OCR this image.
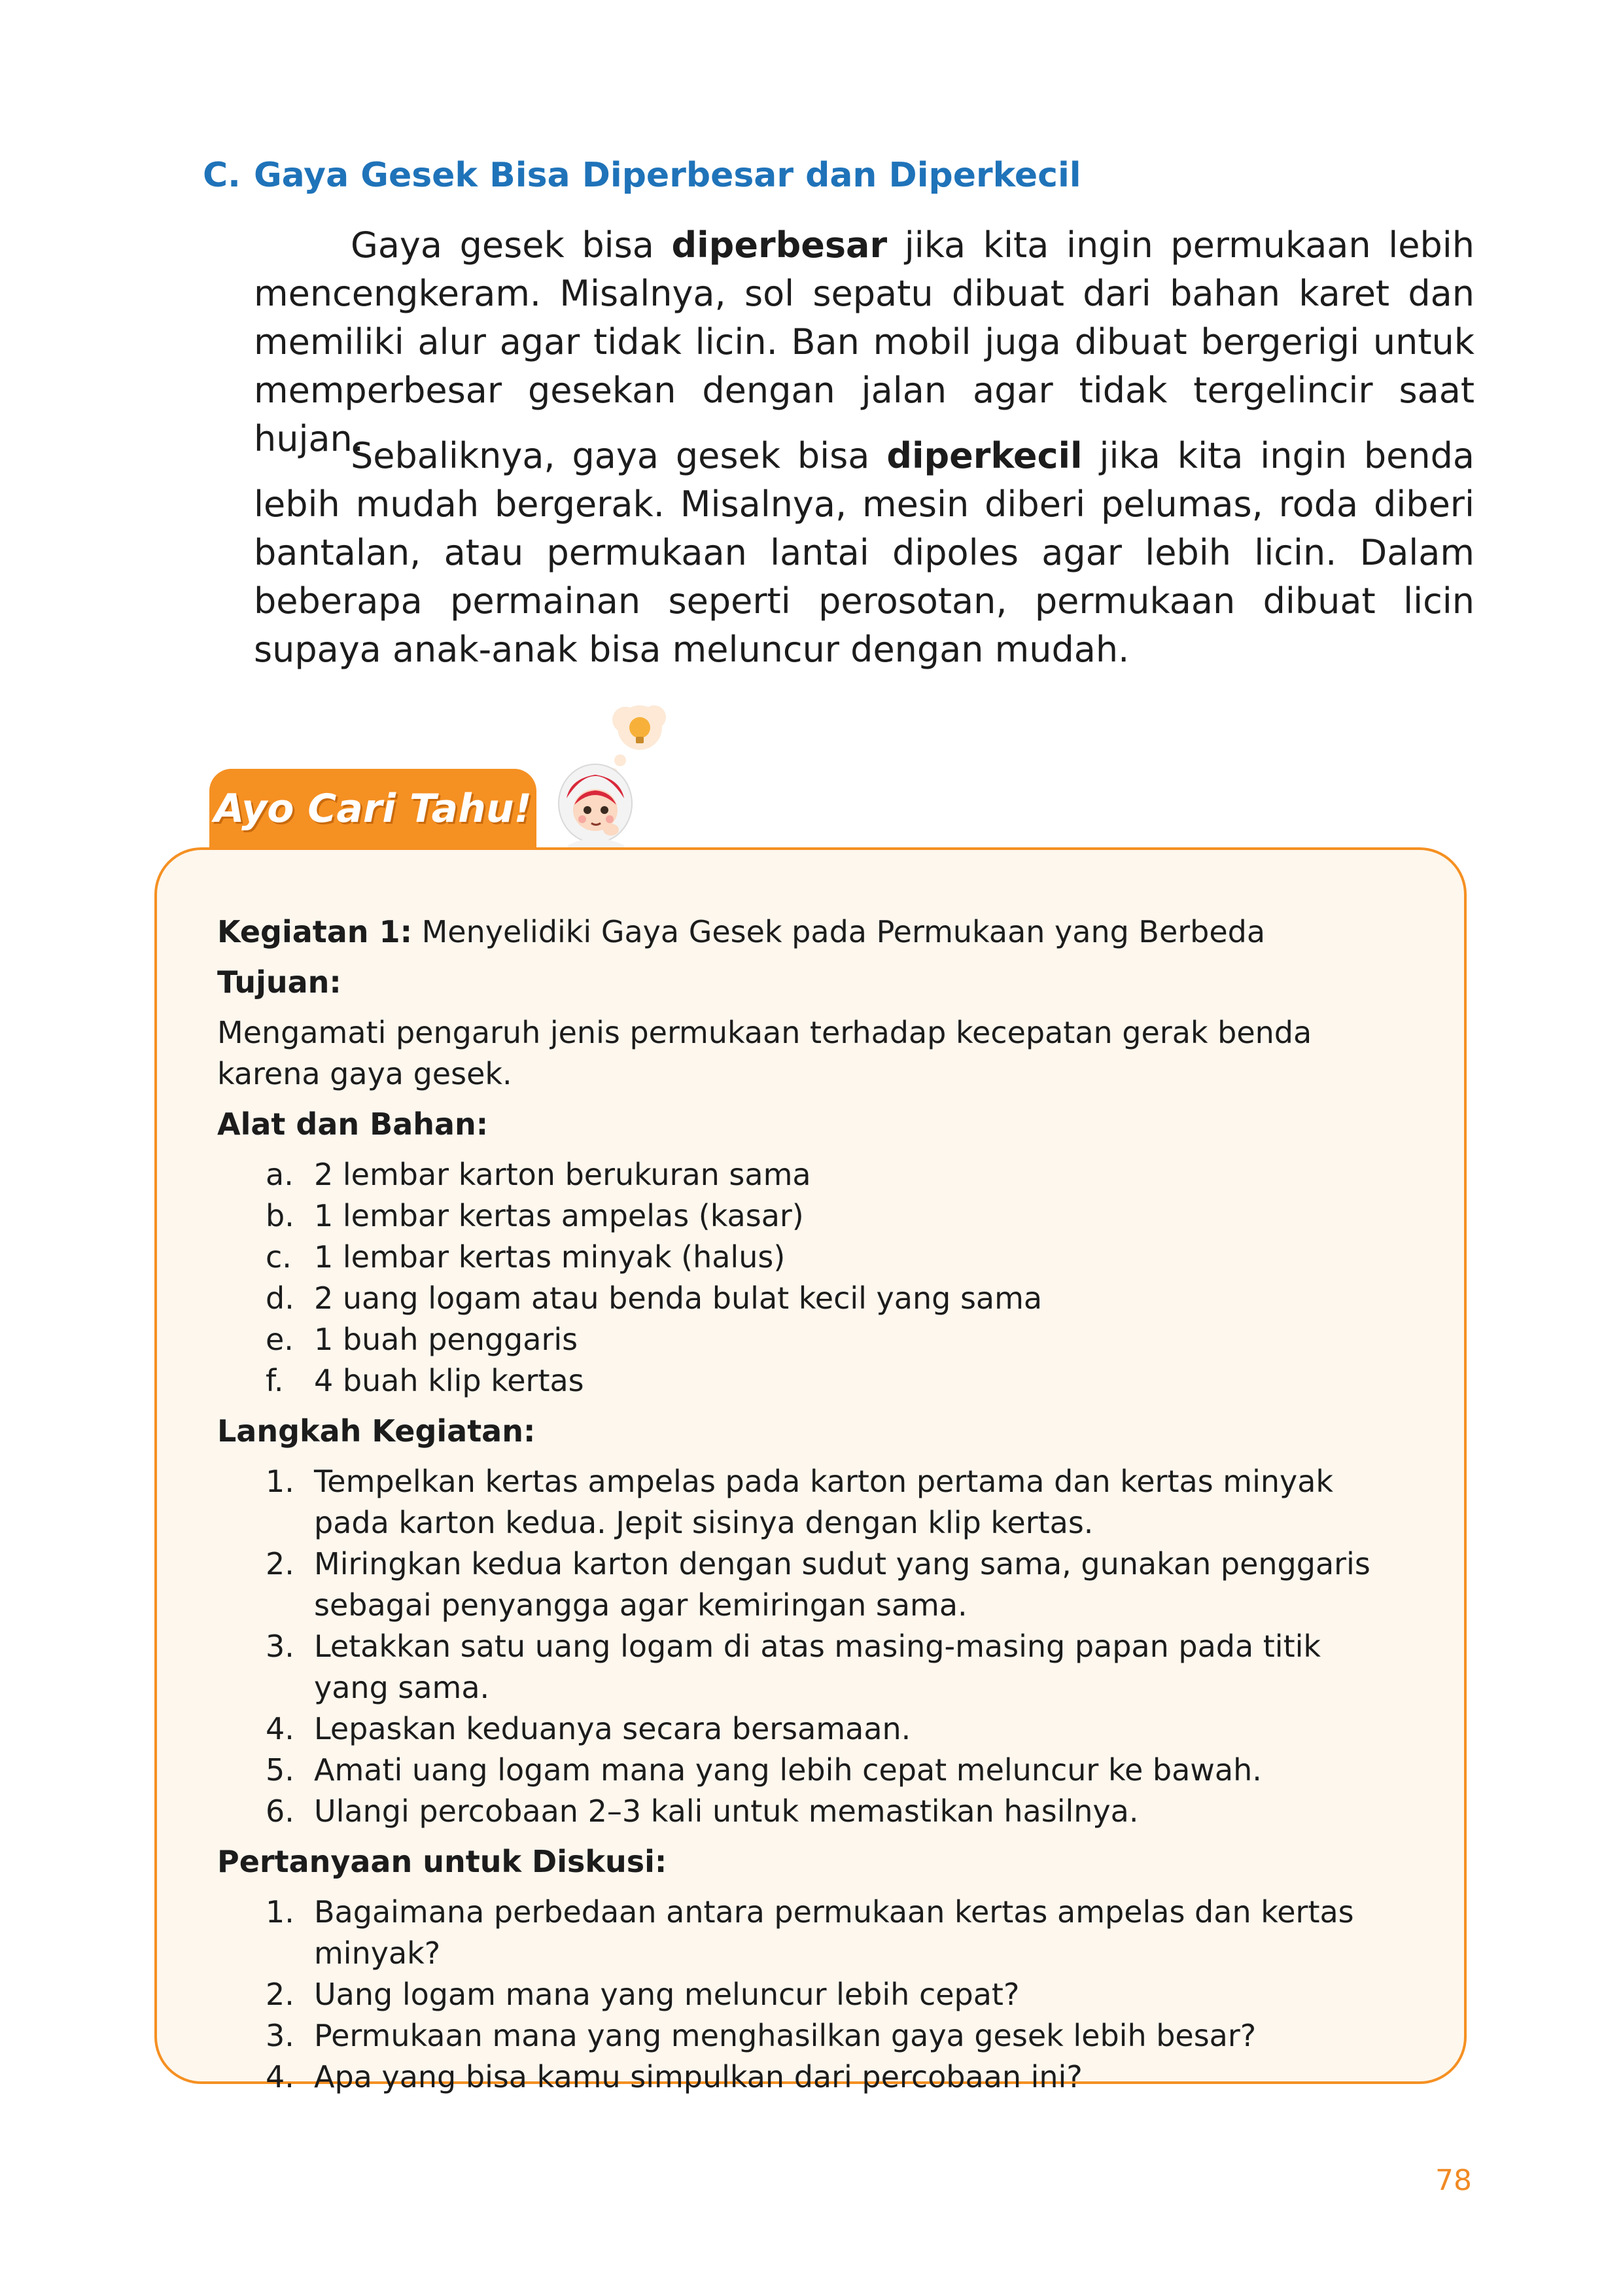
C. Gaya Gesek Bisa Diperbesar dan Diperkecil

Gaya gesek bisa diperbesar jika kita ingin permukaan lebih mencengkeram. Misalnya, sol sepatu dibuat dari bahan karet dan memiliki alur agar tidak licin. Ban mobil juga dibuat bergerigi untuk memperbesar gesekan dengan jalan agar tidak tergelincir saat hujan.

Sebaliknya, gaya gesek bisa diperkecil jika kita ingin benda lebih mudah bergerak. Misalnya, mesin diberi pelumas, roda diberi bantalan, atau permukaan lantai dipoles agar lebih licin. Dalam beberapa permainan seperti perosotan, permukaan dibuat licin supaya anak-anak bisa meluncur dengan mudah.

Ayo Cari Tahu!

Kegiatan 1: Menyelidiki Gaya Gesek pada Permukaan yang Berbeda

Tujuan:

Mengamati pengaruh jenis permukaan terhadap kecepatan gerak benda karena gaya gesek.

Alat dan Bahan:

a. 2 lembar karton berukuran sama
b. 1 lembar kertas ampelas (kasar)
c. 1 lembar kertas minyak (halus)
d. 2 uang logam atau benda bulat kecil yang sama
e. 1 buah penggaris
f. 4 buah klip kertas

Langkah Kegiatan:

1. Tempelkan kertas ampelas pada karton pertama dan kertas minyak pada karton kedua. Jepit sisinya dengan klip kertas.
2. Miringkan kedua karton dengan sudut yang sama, gunakan penggaris sebagai penyangga agar kemiringan sama.
3. Letakkan satu uang logam di atas masing-masing papan pada titik yang sama.
4. Lepaskan keduanya secara bersamaan.
5. Amati uang logam mana yang lebih cepat meluncur ke bawah.
6. Ulangi percobaan 2–3 kali untuk memastikan hasilnya.

Pertanyaan untuk Diskusi:

1. Bagaimana perbedaan antara permukaan kertas ampelas dan kertas minyak?
2. Uang logam mana yang meluncur lebih cepat?
3. Permukaan mana yang menghasilkan gaya gesek lebih besar?
4. Apa yang bisa kamu simpulkan dari percobaan ini?
78
